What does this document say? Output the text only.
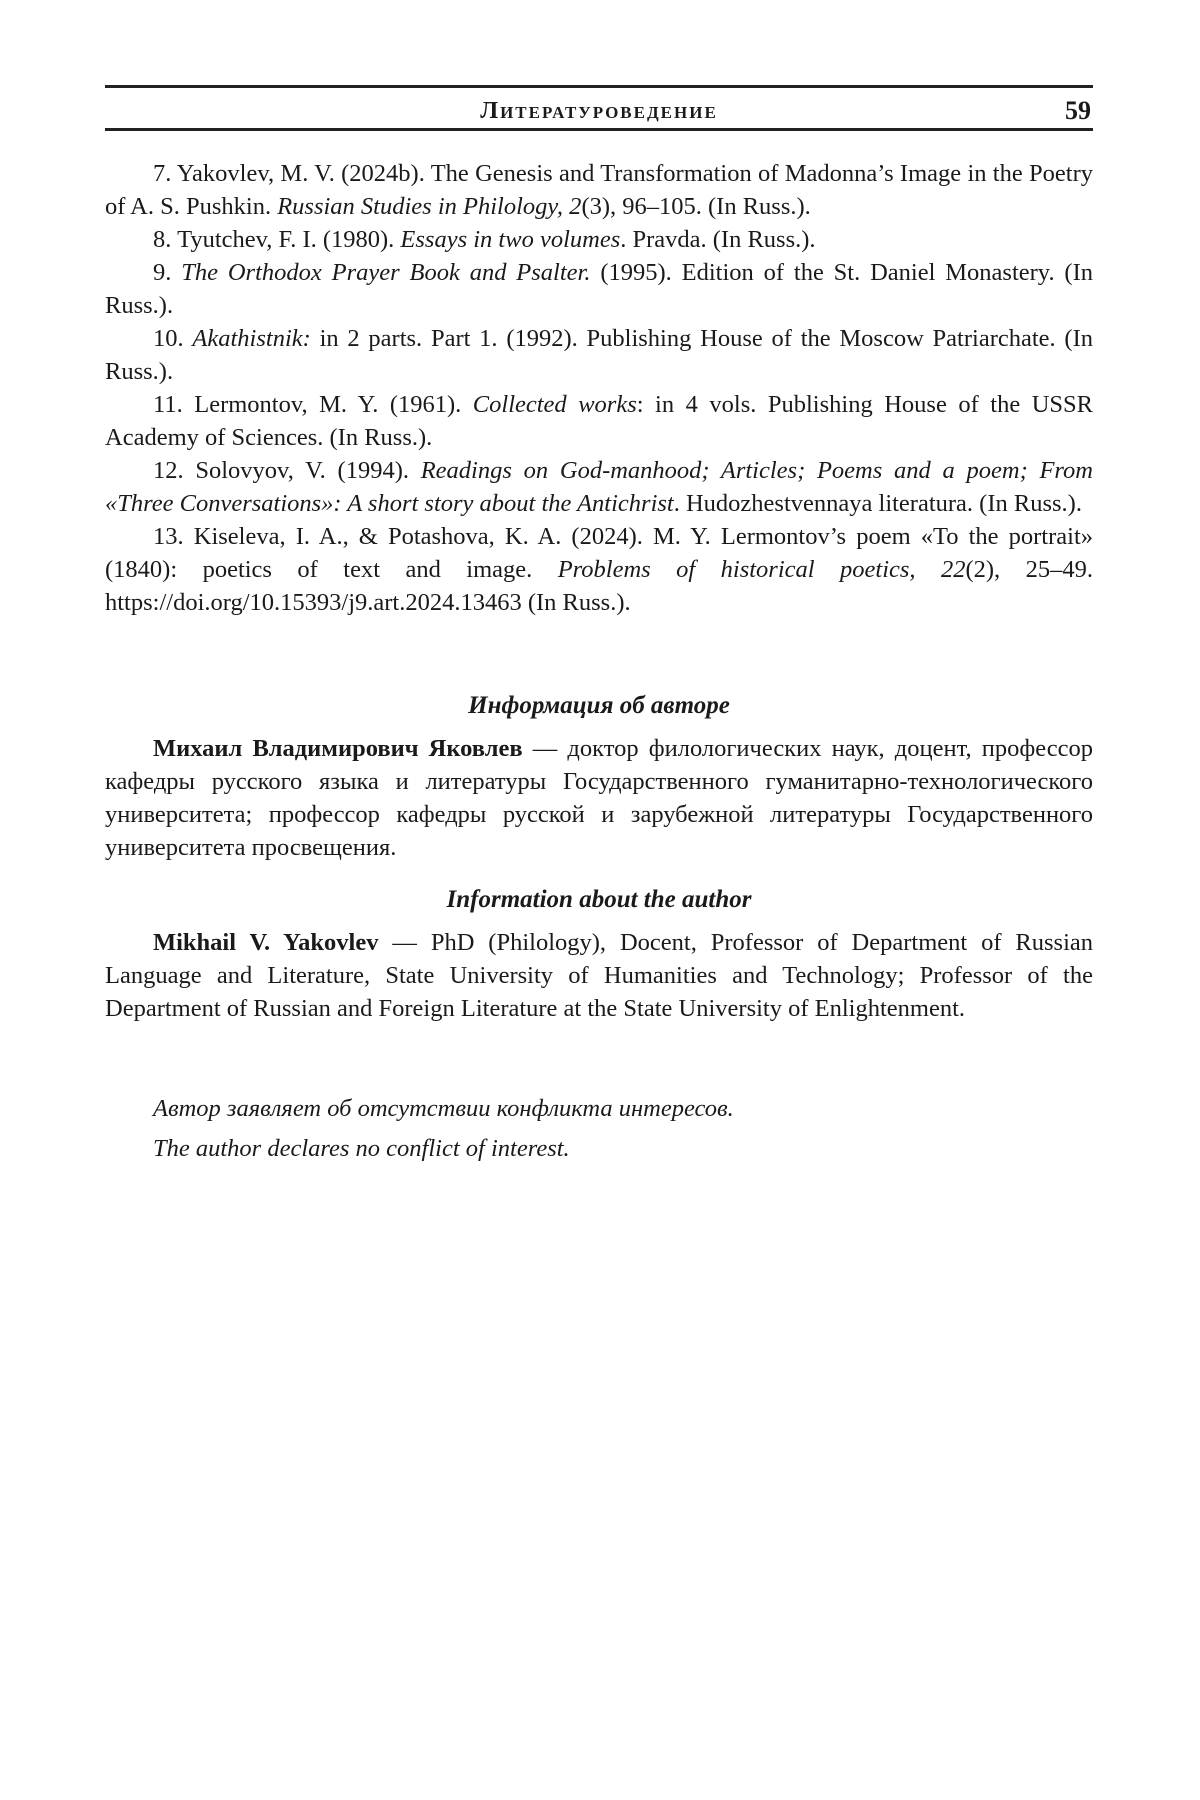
Литературоведение	59

7. Yakovlev, M. V. (2024b). The Genesis and Transformation of Madonna’s Image in the Poetry of A. S. Pushkin. Russian Studies in Philology, 2(3), 96–105. (In Russ.).

8. Tyutchev, F. I. (1980). Essays in two volumes. Pravda. (In Russ.).

9. The Orthodox Prayer Book and Psalter. (1995). Edition of the St. Daniel Monastery. (In Russ.).

10. Akathistnik: in 2 parts. Part 1. (1992). Publishing House of the Moscow Patriarchate. (In Russ.).

11. Lermontov, M. Y. (1961). Collected works: in 4 vols. Publishing House of the USSR Academy of Sciences. (In Russ.).

12. Solovyov, V. (1994). Readings on God-manhood; Articles; Poems and a poem; From «Three Conversations»: A short story about the Antichrist. Hudozhestvennaya literatura. (In Russ.).

13. Kiseleva, I. A., & Potashova, K. A. (2024). M. Y. Lermontov’s poem «To the portrait» (1840): poetics of text and image. Problems of historical poetics, 22(2), 25–49. https://doi.org/10.15393/j9.art.2024.13463 (In Russ.).

Информация об авторе

Михаил Владимирович Яковлев — доктор филологических наук, доцент, профессор кафедры русского языка и литературы Государственного гуманитарно-технологического университета; профессор кафедры русской и зарубежной литературы Государственного университета просвещения.

Information about the author

Mikhail V. Yakovlev — PhD (Philology), Docent, Professor of Department of Russian Language and Literature, State University of Humanities and Technology; Professor of the Department of Russian and Foreign Literature at the State University of Enlightenment.

Автор заявляет об отсутствии конфликта интересов.
The author declares no conflict of interest.
